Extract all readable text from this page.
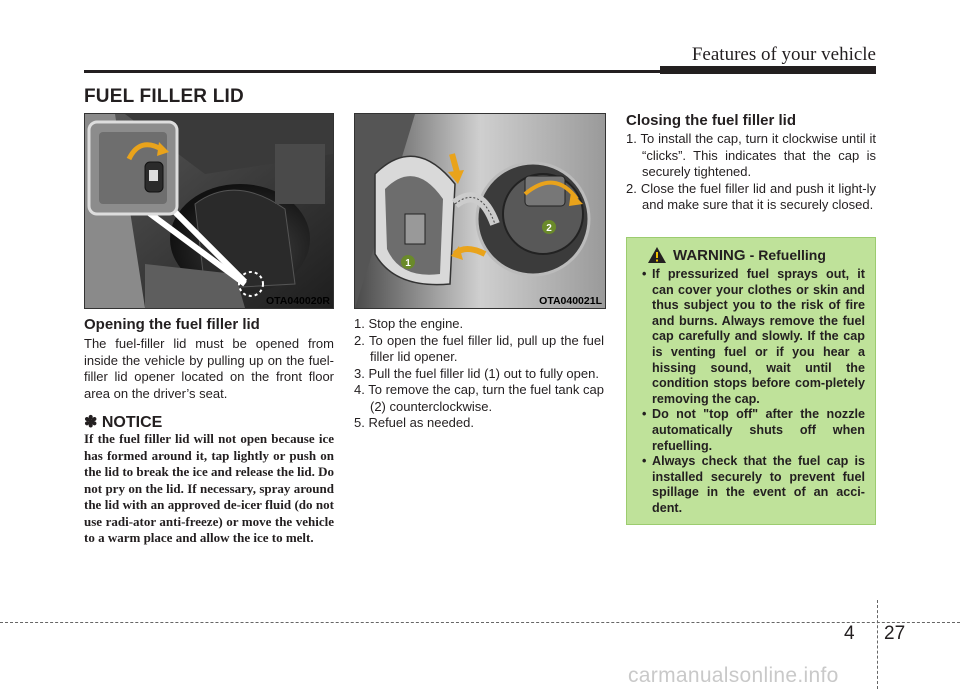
Features of your vehicle
FUEL FILLER LID
OTA040020R
1
2
OTA040021L
Opening the fuel filler lid
The fuel-filler lid must be opened from inside the vehicle by pulling up on the fuel-filler lid opener located on the front floor area on the driver’s seat.
✽ NOTICE
If the fuel filler lid will not open because ice has formed around it, tap lightly or push on the lid to break the ice and release the lid. Do not pry on the lid. If necessary, spray around the lid with an approved de-icer fluid (do not use radi-ator anti-freeze) or move the vehicle to a warm place and allow the ice to melt.
1. Stop the engine.
2. To open the fuel filler lid, pull up the fuel filler lid opener.
3. Pull the fuel filler lid (1) out to fully open.
4. To remove the cap, turn the fuel tank cap (2) counterclockwise.
5. Refuel as needed.
Closing the fuel filler lid
1. To install the cap, turn it clockwise until it “clicks”. This indicates that the cap is securely tightened.
2. Close the fuel filler lid and push it light-ly and make sure that it is securely closed.
WARNING - Refuelling
• If pressurized fuel sprays out, it can cover your clothes or skin and thus subject you to the risk of fire and burns. Always remove the fuel cap carefully and slowly. If the cap is venting fuel or if you hear a hissing sound, wait until the condition stops before com-pletely removing the cap.
• Do not "top off" after the nozzle automatically shuts off when refuelling.
• Always check that the fuel cap is installed securely to prevent fuel spillage in the event of an acci-dent.
4 27
carmanualsonline.info
